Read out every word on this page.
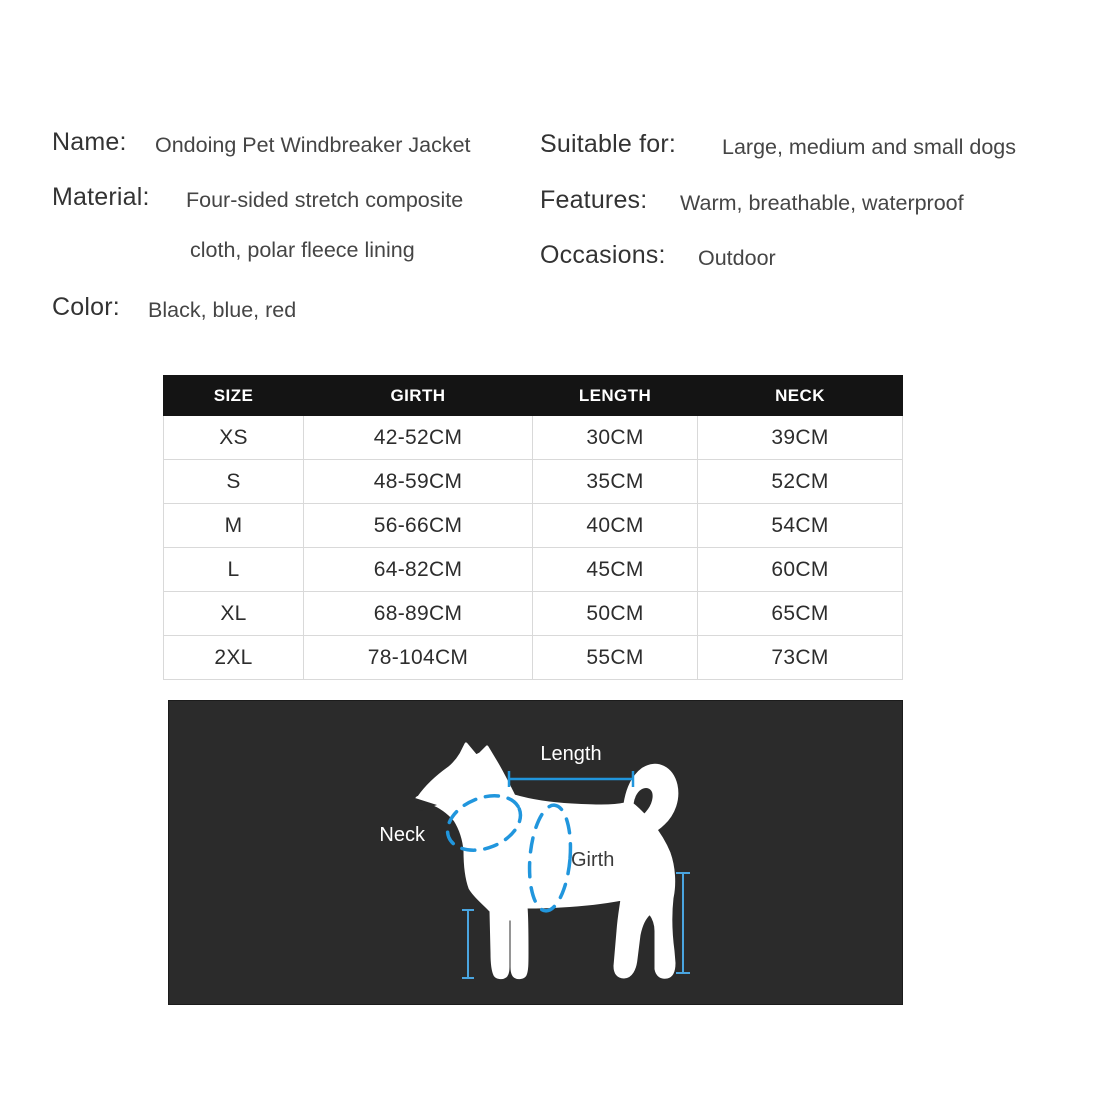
Name: Ondoing Pet Windbreaker Jacket
Material: Four-sided stretch composite
cloth, polar fleece lining
Color: Black, blue, red
Suitable for: Large, medium and small dogs
Features: Warm, breathable, waterproof
Occasions: Outdoor
SIZE	GIRTH	LENGTH	NECK
XS	42-52CM	30CM	39CM
S	48-59CM	35CM	52CM
M	56-66CM	40CM	54CM
L	64-82CM	45CM	60CM
XL	68-89CM	50CM	65CM
2XL	78-104CM	55CM	73CM
Length
Neck
Girth
